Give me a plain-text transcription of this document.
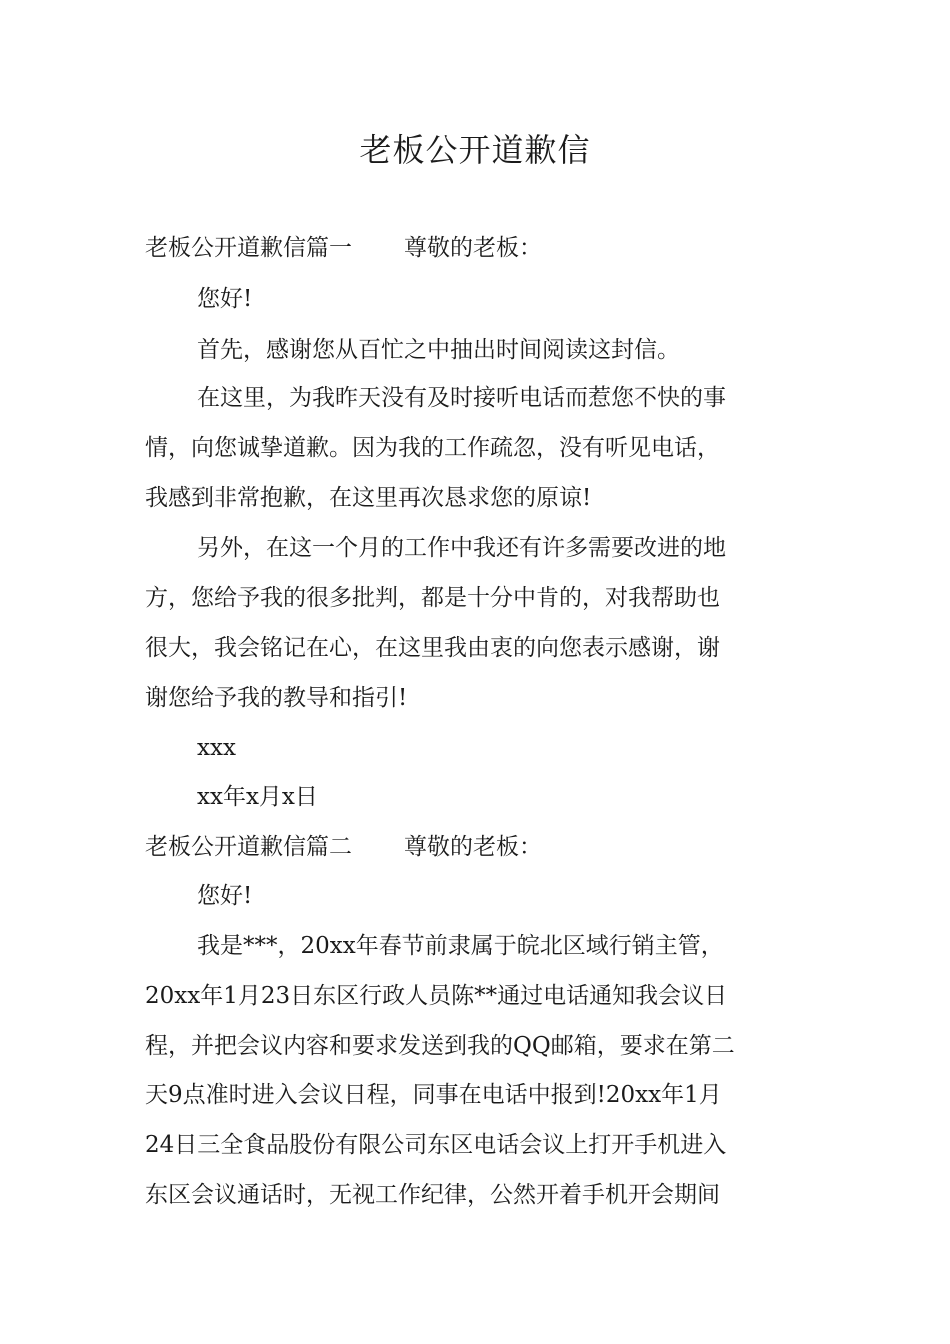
老板公开道歉信
老板公开道歉信篇一 尊敬的老板：
您好!
首先，感谢您从百忙之中抽出时间阅读这封信。
在这里，为我昨天没有及时接听电话而惹您不快的事
情，向您诚挚道歉。因为我的工作疏忽，没有听见电话，
我感到非常抱歉，在这里再次恳求您的原谅!
另外，在这一个月的工作中我还有许多需要改进的地
方，您给予我的很多批判，都是十分中肯的，对我帮助也
很大，我会铭记在心，在这里我由衷的向您表示感谢，谢
谢您给予我的教导和指引!
xxx
xx年x月x日
老板公开道歉信篇二 尊敬的老板：
您好!
我是***，20xx年春节前隶属于皖北区域行销主管，
20xx年1月23日东区行政人员陈**通过电话通知我会议日
程，并把会议内容和要求发送到我的QQ邮箱，要求在第二
天9点准时进入会议日程，同事在电话中报到!20xx年1月
24日三全食品股份有限公司东区电话会议上打开手机进入
东区会议通话时，无视工作纪律，公然开着手机开会期间
